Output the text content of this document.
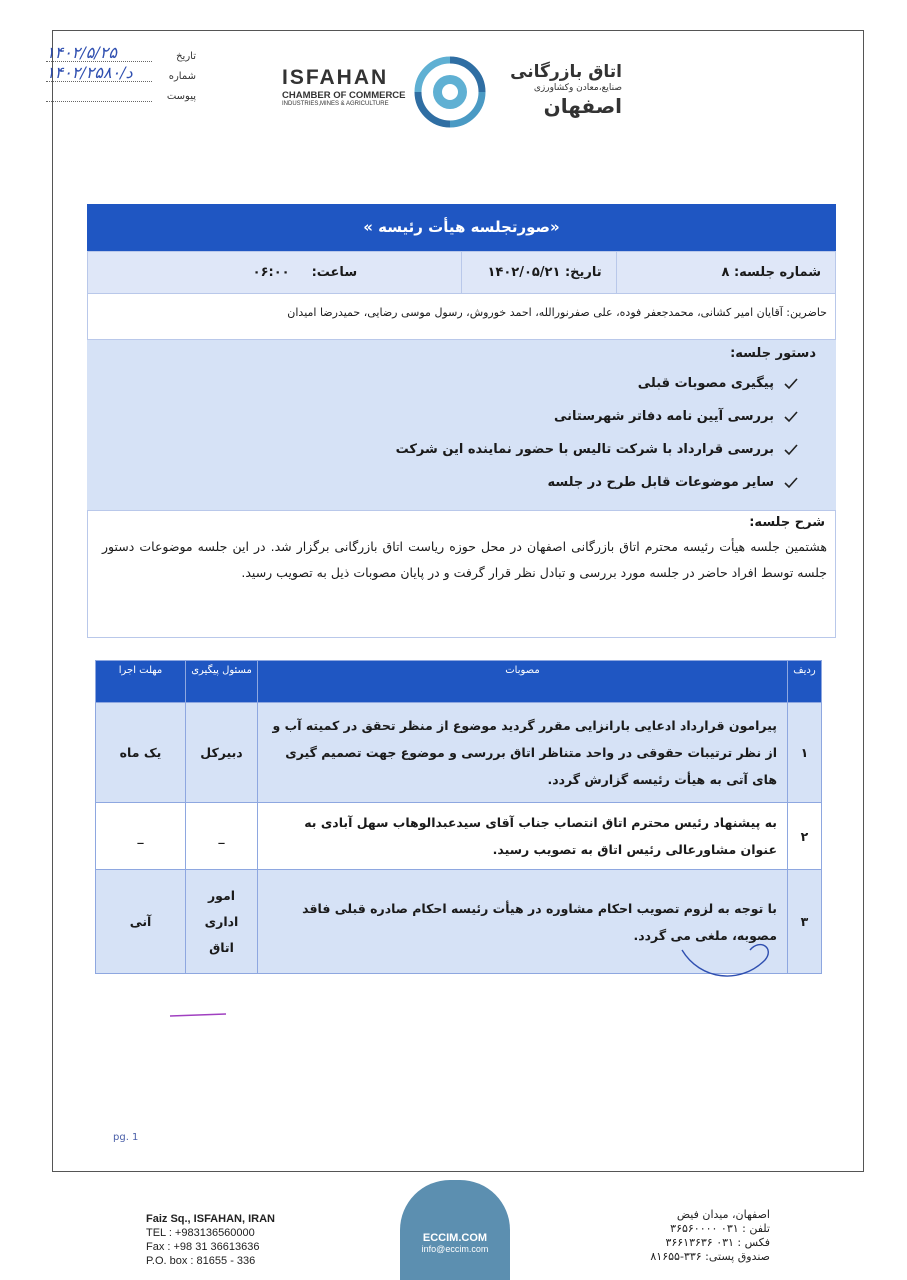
تاریخ
۱۴۰۲/۵/۲۵
شماره
۱۴۰۲/د/۲۵۸۰
پیوست
ISFAHAN
CHAMBER OF COMMERCE
INDUSTRIES,MINES & AGRICULTURE
اتاق بازرگانی
صنایع،معادن وکشاورزی
اصفهان
«صورتجلسه هیأت رئیسه »
شماره جلسه: ۸
تاریخ: ۱۴۰۲/۰۵/۲۱
ساعت:
۰۶:۰۰
حاضرین: آقایان امیر کشانی، محمدجعفر فوده، علی صفرنورالله، احمد خوروش، رسول موسی رضایی، حمیدرضا امیدان
دستور جلسه:
پیگیری مصوبات قبلی
بررسی آیین نامه دفاتر شهرستانی
بررسی قرارداد با شرکت تالیس با حضور نماینده این شرکت
سایر موضوعات قابل طرح در جلسه
شرح جلسه:

هشتمین جلسه هیأت رئیسه محترم اتاق بازرگانی اصفهان در محل حوزه ریاست اتاق بازرگانی برگزار شد. در این جلسه موضوعات دستور جلسه توسط افراد حاضر در جلسه مورد بررسی و تبادل نظر قرار گرفت و در پایان مصوبات ذیل به تصویب رسید.

ردیف	مصوبات	مسئول پیگیری	مهلت اجرا
۱	پیرامون قرارداد ادعایی بارانزایی مقرر گردید موضوع از منظر تحقق در کمیته آب و از نظر ترتیبات حقوقی در واحد متناظر اتاق بررسی و موضوع جهت تصمیم گیری های آتی به هیأت رئیسه گزارش گردد.	دبیرکل	یک ماه
۲	به پیشنهاد رئیس محترم اتاق انتصاب جناب آقای سیدعبدالوهاب سهل آبادی به عنوان مشاورعالی رئیس اتاق به تصویب رسید.	_	_
۳	با توجه به لزوم تصویب احکام مشاوره در هیأت رئیسه احکام صادره قبلی فاقد مصوبه، ملغی می گردد.	امور اداری اتاق	آنی
pg. 1
Faiz Sq., ISFAHAN, IRAN
TEL : +983136560000
Fax : +98 31 36613636
P.O. box : 81655 - 336
ECCIM.COM
info@eccim.com
اصفهان، میدان فیض
تلفن : ۰۳۱ ۳۶۵۶۰۰۰۰
فکس : ۰۳۱ ۳۶۶۱۳۶۳۶
صندوق پستی: ۳۳۶-۸۱۶۵۵
